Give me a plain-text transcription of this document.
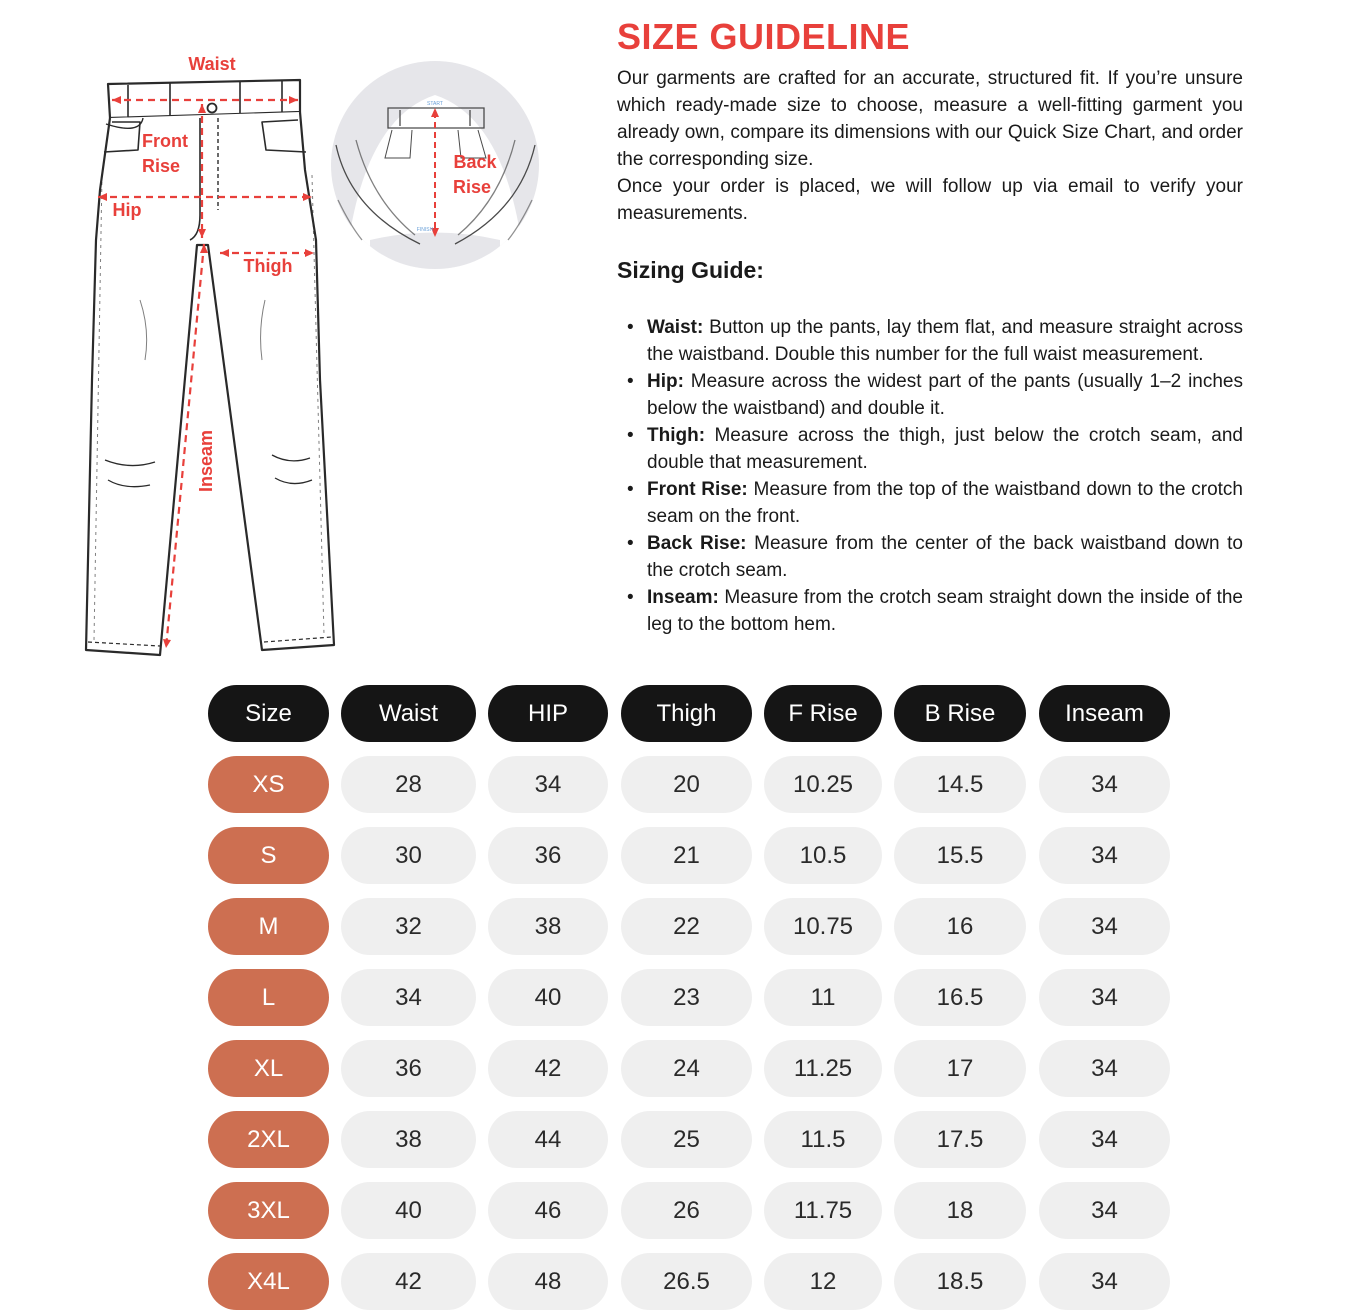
Waist
Front
Rise
Hip
Thigh
Inseam
START
FINISH
Back
Rise
SIZE GUIDELINE

Our garments are crafted for an accurate, structured fit. If you’re unsure which ready-made size to choose, measure a well-fitting garment you already own, compare its dimensions with our Quick Size Chart, and order the corresponding size.

Once your order is placed, we will follow up via email to verify your measurements.

Sizing Guide:
• Waist: Button up the pants, lay them flat, and measure straight across the waistband. Double this number for the full waist measurement.
• Hip: Measure across the widest part of the pants (usually 1–2 inches below the waistband) and double it.
• Thigh: Measure across the thigh, just below the crotch seam, and double that measurement.
• Front Rise: Measure from the top of the waistband down to the crotch seam on the front.
• Back Rise: Measure from the center of the back waistband down to the crotch seam.
• Inseam: Measure from the crotch seam straight down the inside of the leg to the bottom hem.
Size	Waist	HIP	Thigh	F Rise	B Rise	Inseam
XS	28	34	20	10.25	14.5	34
S	30	36	21	10.5	15.5	34
M	32	38	22	10.75	16	34
L	34	40	23	11	16.5	34
XL	36	42	24	11.25	17	34
2XL	38	44	25	11.5	17.5	34
3XL	40	46	26	11.75	18	34
X4L	42	48	26.5	12	18.5	34
